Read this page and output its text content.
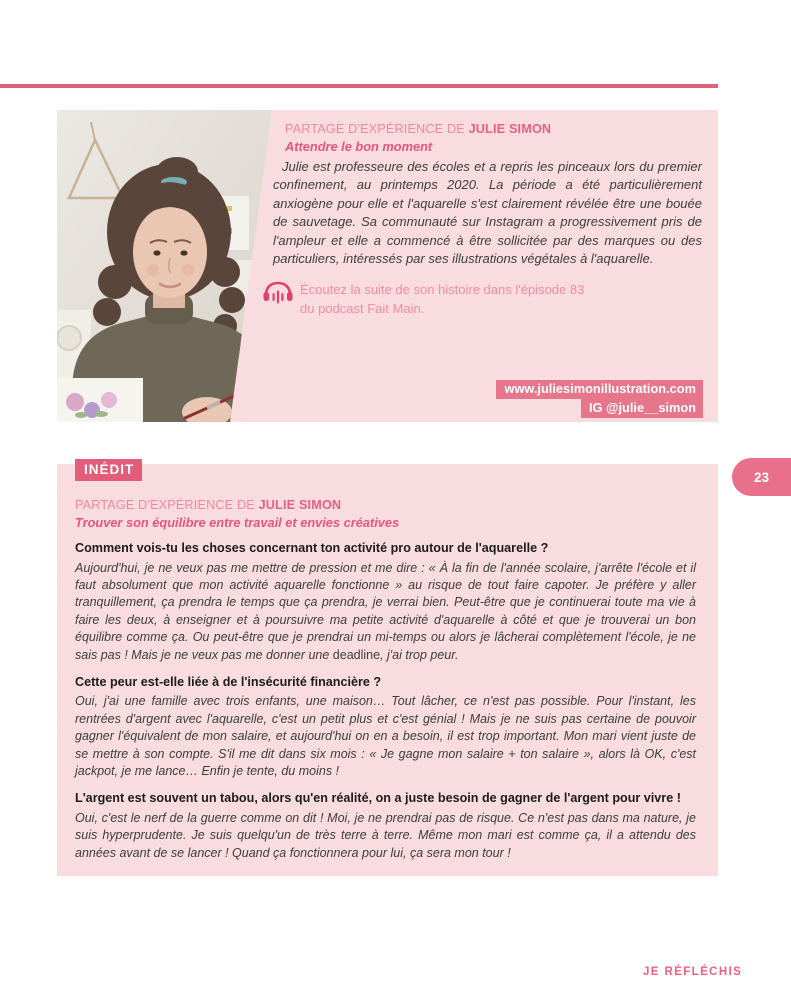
PARTAGE D'EXPÉRIENCE DE JULIE SIMON
Attendre le bon moment

Julie est professeure des écoles et a repris les pinceaux lors du premier confinement, au printemps 2020. La période a été particulièrement anxiogène pour elle et l'aquarelle s'est clairement révélée être une bouée de sauvetage. Sa communauté sur Instagram a progressivement pris de l'ampleur et elle a commencé à être sollicitée par des marques ou des particuliers, intéressés par ses illustrations végétales à l'aquarelle.

Écoutez la suite de son histoire dans l'épisode 83
du podcast Fait Main.
www.juliesimonillustration.com
IG @julie__simon
INÉDIT	23
PARTAGE D'EXPÉRIENCE DE JULIE SIMON
Trouver son équilibre entre travail et envies créatives

Comment vois-tu les choses concernant ton activité pro autour de l'aquarelle ?

Aujourd'hui, je ne veux pas me mettre de pression et me dire : « À la fin de l'année scolaire, j'arrête l'école et il faut absolument que mon activité aquarelle fonctionne » au risque de tout faire capoter. Je préfère y aller tranquillement, ça prendra le temps que ça prendra, je verrai bien. Peut-être que je continuerai toute ma vie à faire les deux, à enseigner et à poursuivre ma petite activité d'aquarelle à côté et que je trouverai un bon équilibre comme ça. Ou peut-être que je prendrai un mi-temps ou alors je lâcherai complètement l'école, je ne sais pas ! Mais je ne veux pas me donner une deadline, j'ai trop peur.

Cette peur est-elle liée à de l'insécurité financière ?

Oui, j'ai une famille avec trois enfants, une maison… Tout lâcher, ce n'est pas possible. Pour l'instant, les rentrées d'argent avec l'aquarelle, c'est un petit plus et c'est génial ! Mais je ne suis pas certaine de pouvoir gagner l'équivalent de mon salaire, et aujourd'hui on en a besoin, il est trop important. Mon mari vient juste de se mettre à son compte. S'il me dit dans six mois : « Je gagne mon salaire + ton salaire », alors là OK, c'est jackpot, je me lance… Enfin je tente, du moins !

L'argent est souvent un tabou, alors qu'en réalité, on a juste besoin de gagner de l'argent pour vivre !

Oui, c'est le nerf de la guerre comme on dit ! Moi, je ne prendrai pas de risque. Ce n'est pas dans ma nature, je suis hyperprudente. Je suis quelqu'un de très terre à terre. Même mon mari est comme ça, il a attendu des années avant de se lancer ! Quand ça fonctionnera pour lui, ça sera mon tour !

JE RÉFLÉCHIS
